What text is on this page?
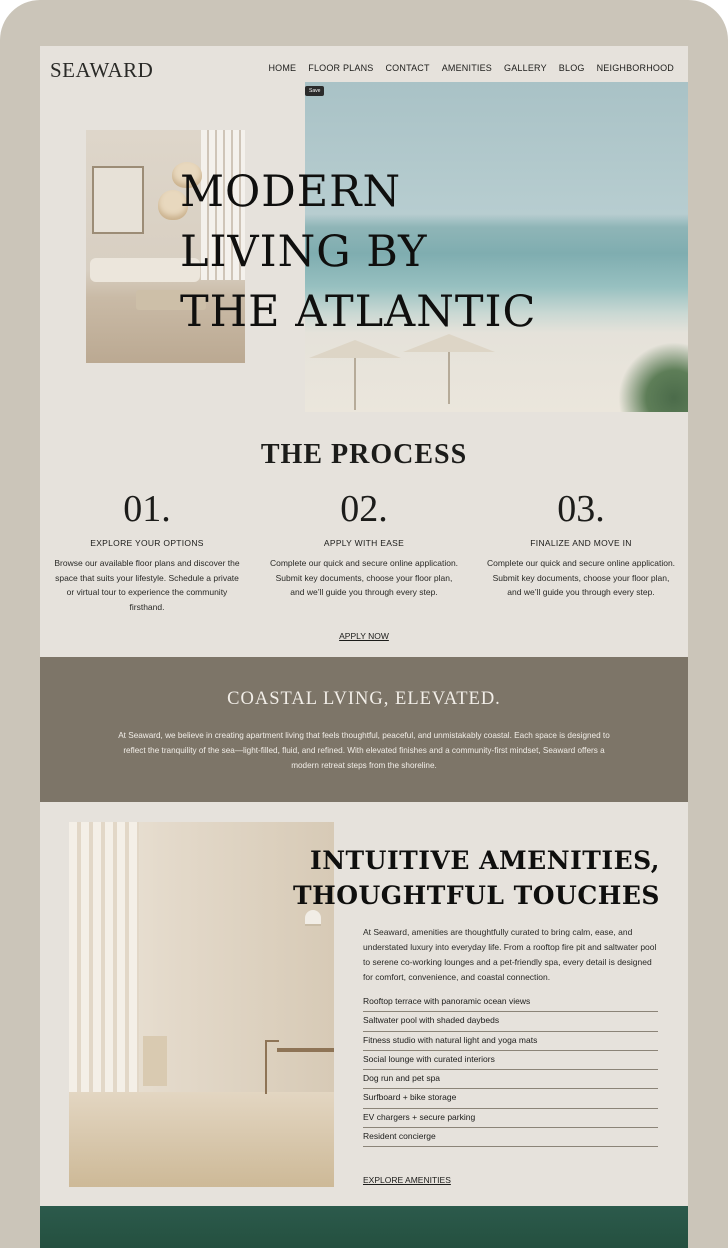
SEAWARD	HOME FLOOR PLANS CONTACT AMENITIES GALLERY BLOG NEIGHBORHOOD
Save
MODERN
LIVING BY
THE ATLANTIC
THE PROCESS
01.
EXPLORE YOUR OPTIONS
Browse our available floor plans and discover the space that suits your lifestyle. Schedule a private or virtual tour to experience the community firsthand.
02.
APPLY WITH EASE
Complete our quick and secure online application. Submit key documents, choose your floor plan, and we’ll guide you through every step.
03.
FINALIZE AND MOVE IN
Complete our quick and secure online application. Submit key documents, choose your floor plan, and we’ll guide you through every step.
APPLY NOW
COASTAL LVING, ELEVATED.

At Seaward, we believe in creating apartment living that feels thoughtful, peaceful, and unmistakably coastal. Each space is designed to reflect the tranquility of the sea—light-filled, fluid, and refined. With elevated finishes and a community-first mindset, Seaward offers a modern retreat steps from the shoreline.

INTUITIVE AMENITIES,
THOUGHTFUL TOUCHES

At Seaward, amenities are thoughtfully curated to bring calm, ease, and understated luxury into everyday life. From a rooftop fire pit and saltwater pool to serene co-working lounges and a pet-friendly spa, every detail is designed for comfort, convenience, and coastal connection.

Rooftop terrace with panoramic ocean views
Saltwater pool with shaded daybeds
Fitness studio with natural light and yoga mats
Social lounge with curated interiors
Dog run and pet spa
Surfboard + bike storage
EV chargers + secure parking
Resident concierge
EXPLORE AMENITIES
